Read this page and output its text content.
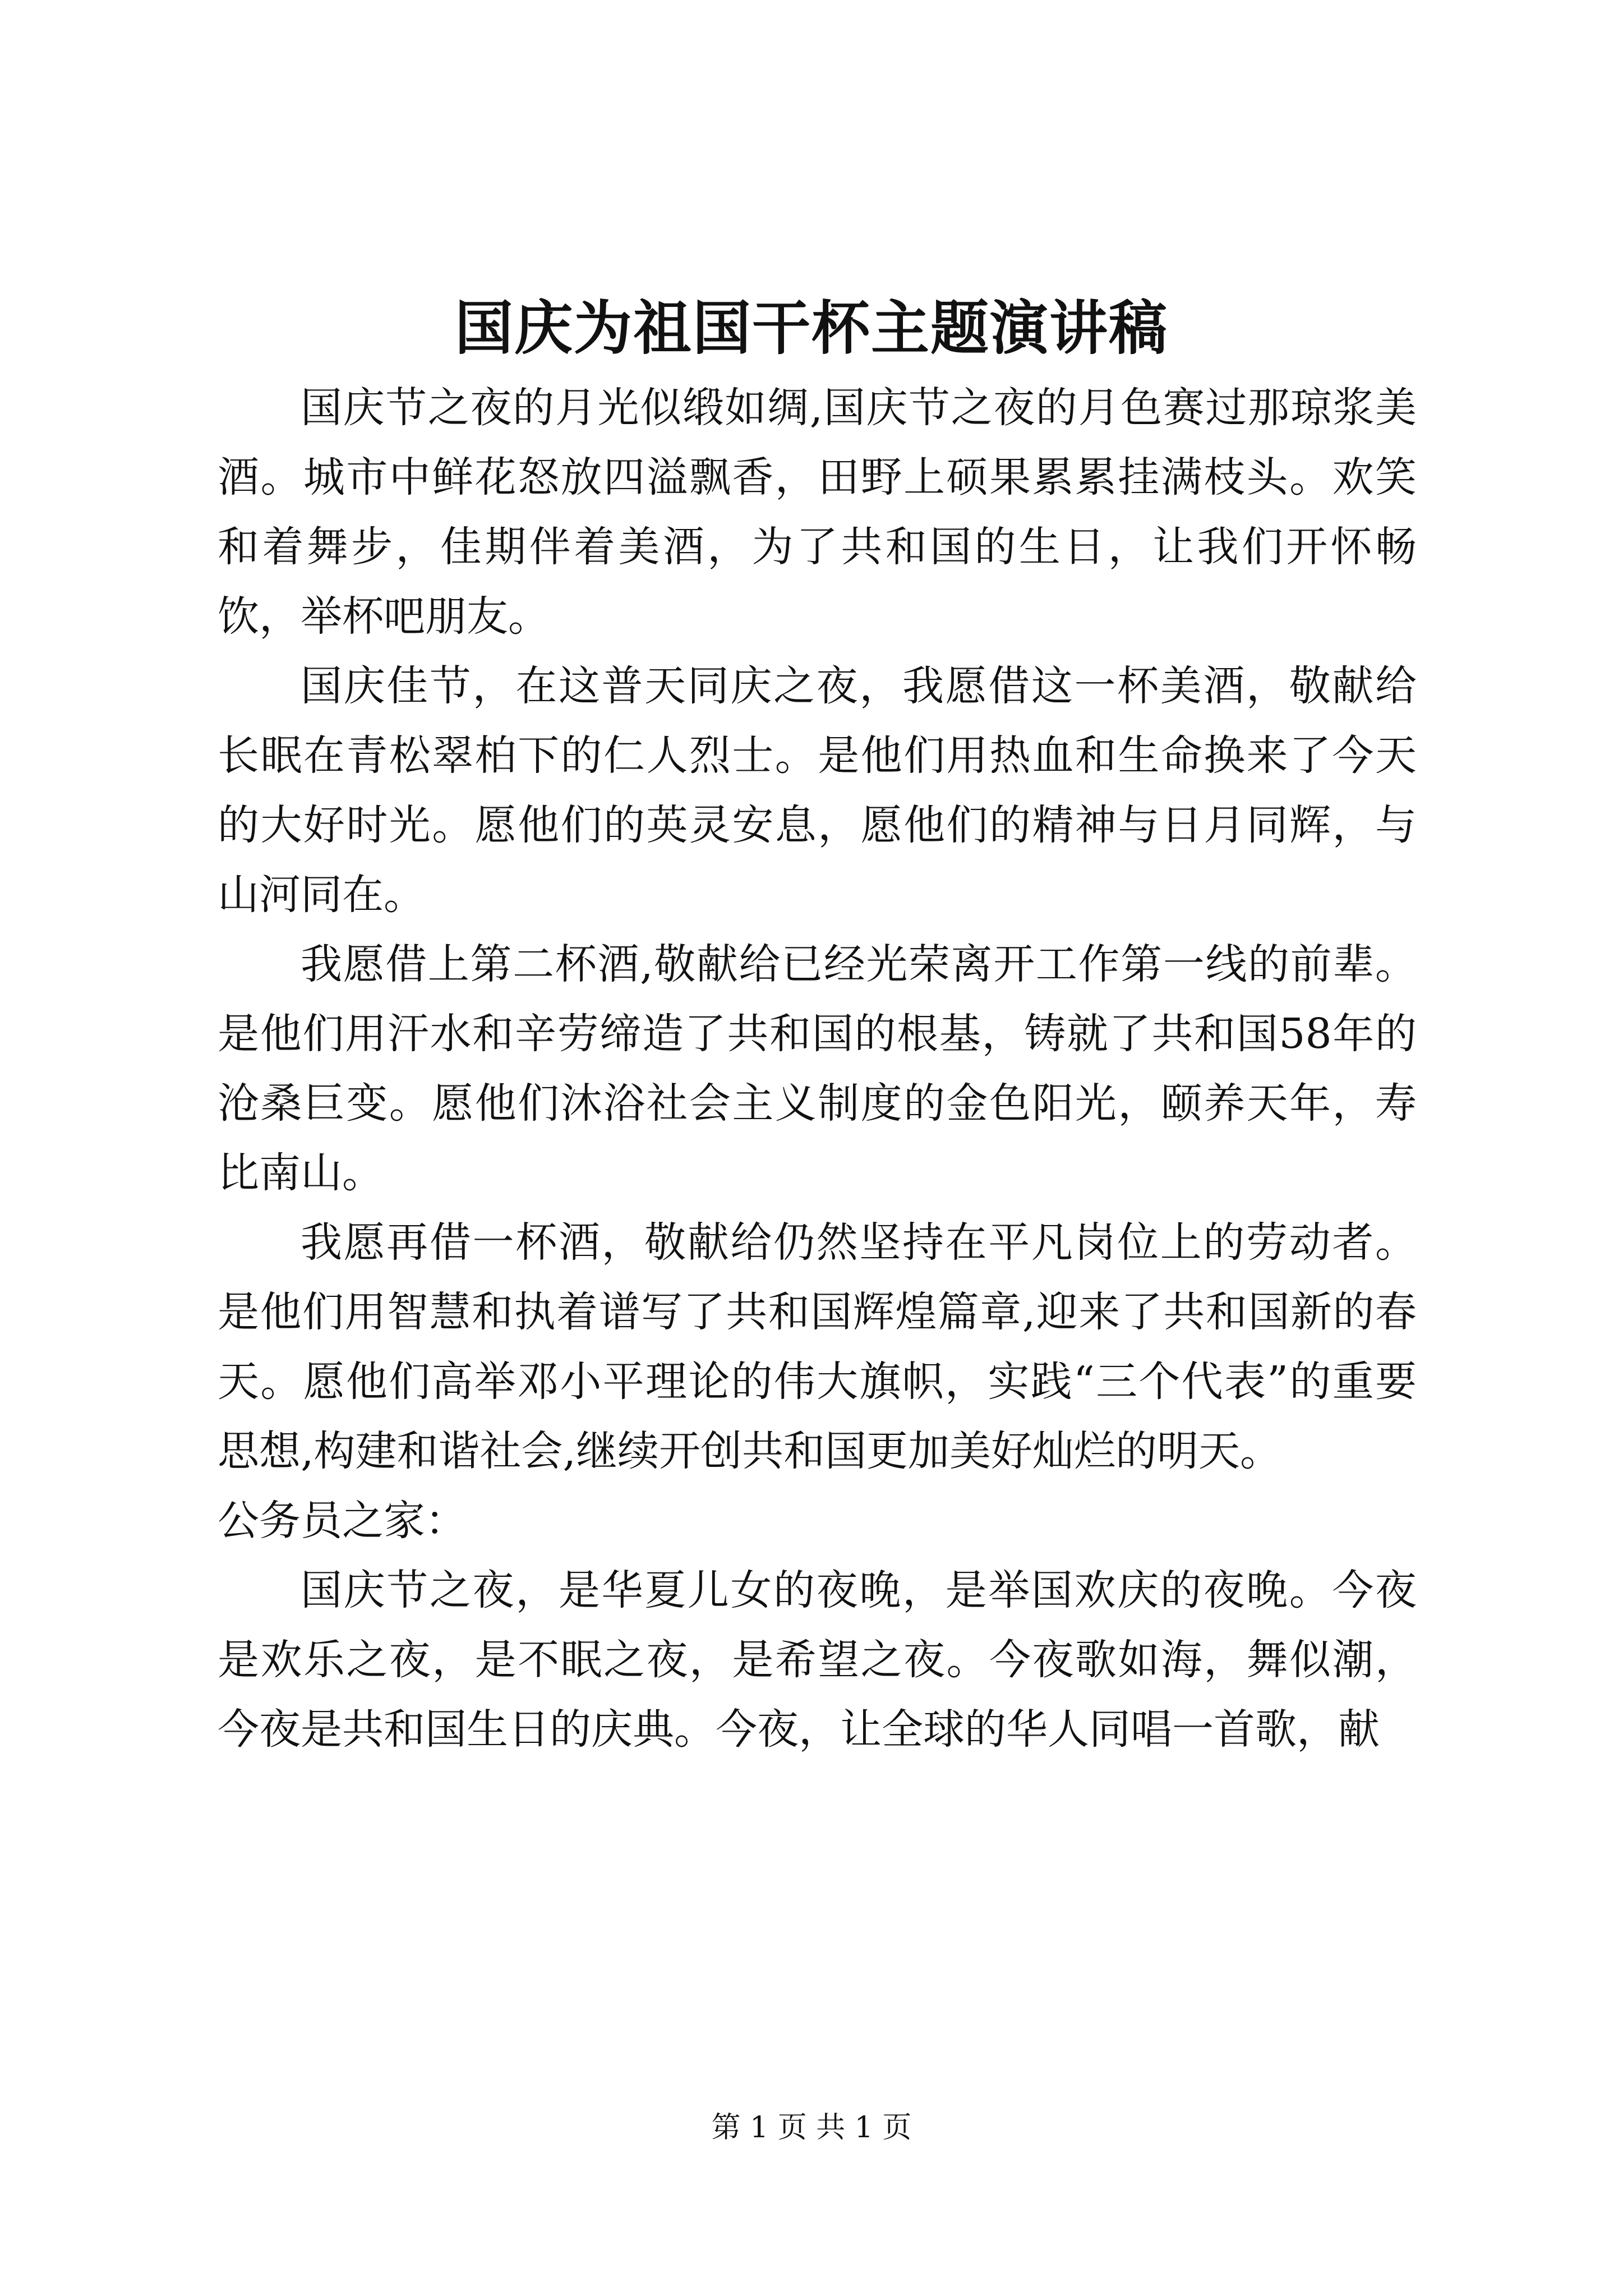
国庆为祖国干杯主题演讲稿

国庆节之夜的月光似缎如绸,国庆节之夜的月色赛过那琼浆美酒。城市中鲜花怒放四溢飘香，田野上硕果累累挂满枝头。欢笑和着舞步，佳期伴着美酒，为了共和国的生日，让我们开怀畅饮，举杯吧朋友。

国庆佳节，在这普天同庆之夜，我愿借这一杯美酒，敬献给长眠在青松翠柏下的仁人烈士。是他们用热血和生命换来了今天的大好时光。愿他们的英灵安息，愿他们的精神与日月同辉，与山河同在。

我愿借上第二杯酒,敬献给已经光荣离开工作第一线的前辈。是他们用汗水和辛劳缔造了共和国的根基，铸就了共和国58年的沧桑巨变。愿他们沐浴社会主义制度的金色阳光，颐养天年，寿比南山。

我愿再借一杯酒，敬献给仍然坚持在平凡岗位上的劳动者。是他们用智慧和执着谱写了共和国辉煌篇章,迎来了共和国新的春天。愿他们高举邓小平理论的伟大旗帜，实践“三个代表”的重要思想,构建和谐社会,继续开创共和国更加美好灿烂的明天。

公务员之家：

国庆节之夜，是华夏儿女的夜晚，是举国欢庆的夜晚。今夜是欢乐之夜，是不眠之夜，是希望之夜。今夜歌如海，舞似潮，今夜是共和国生日的庆典。今夜，让全球的华人同唱一首歌，献

第 1 页 共 1 页
